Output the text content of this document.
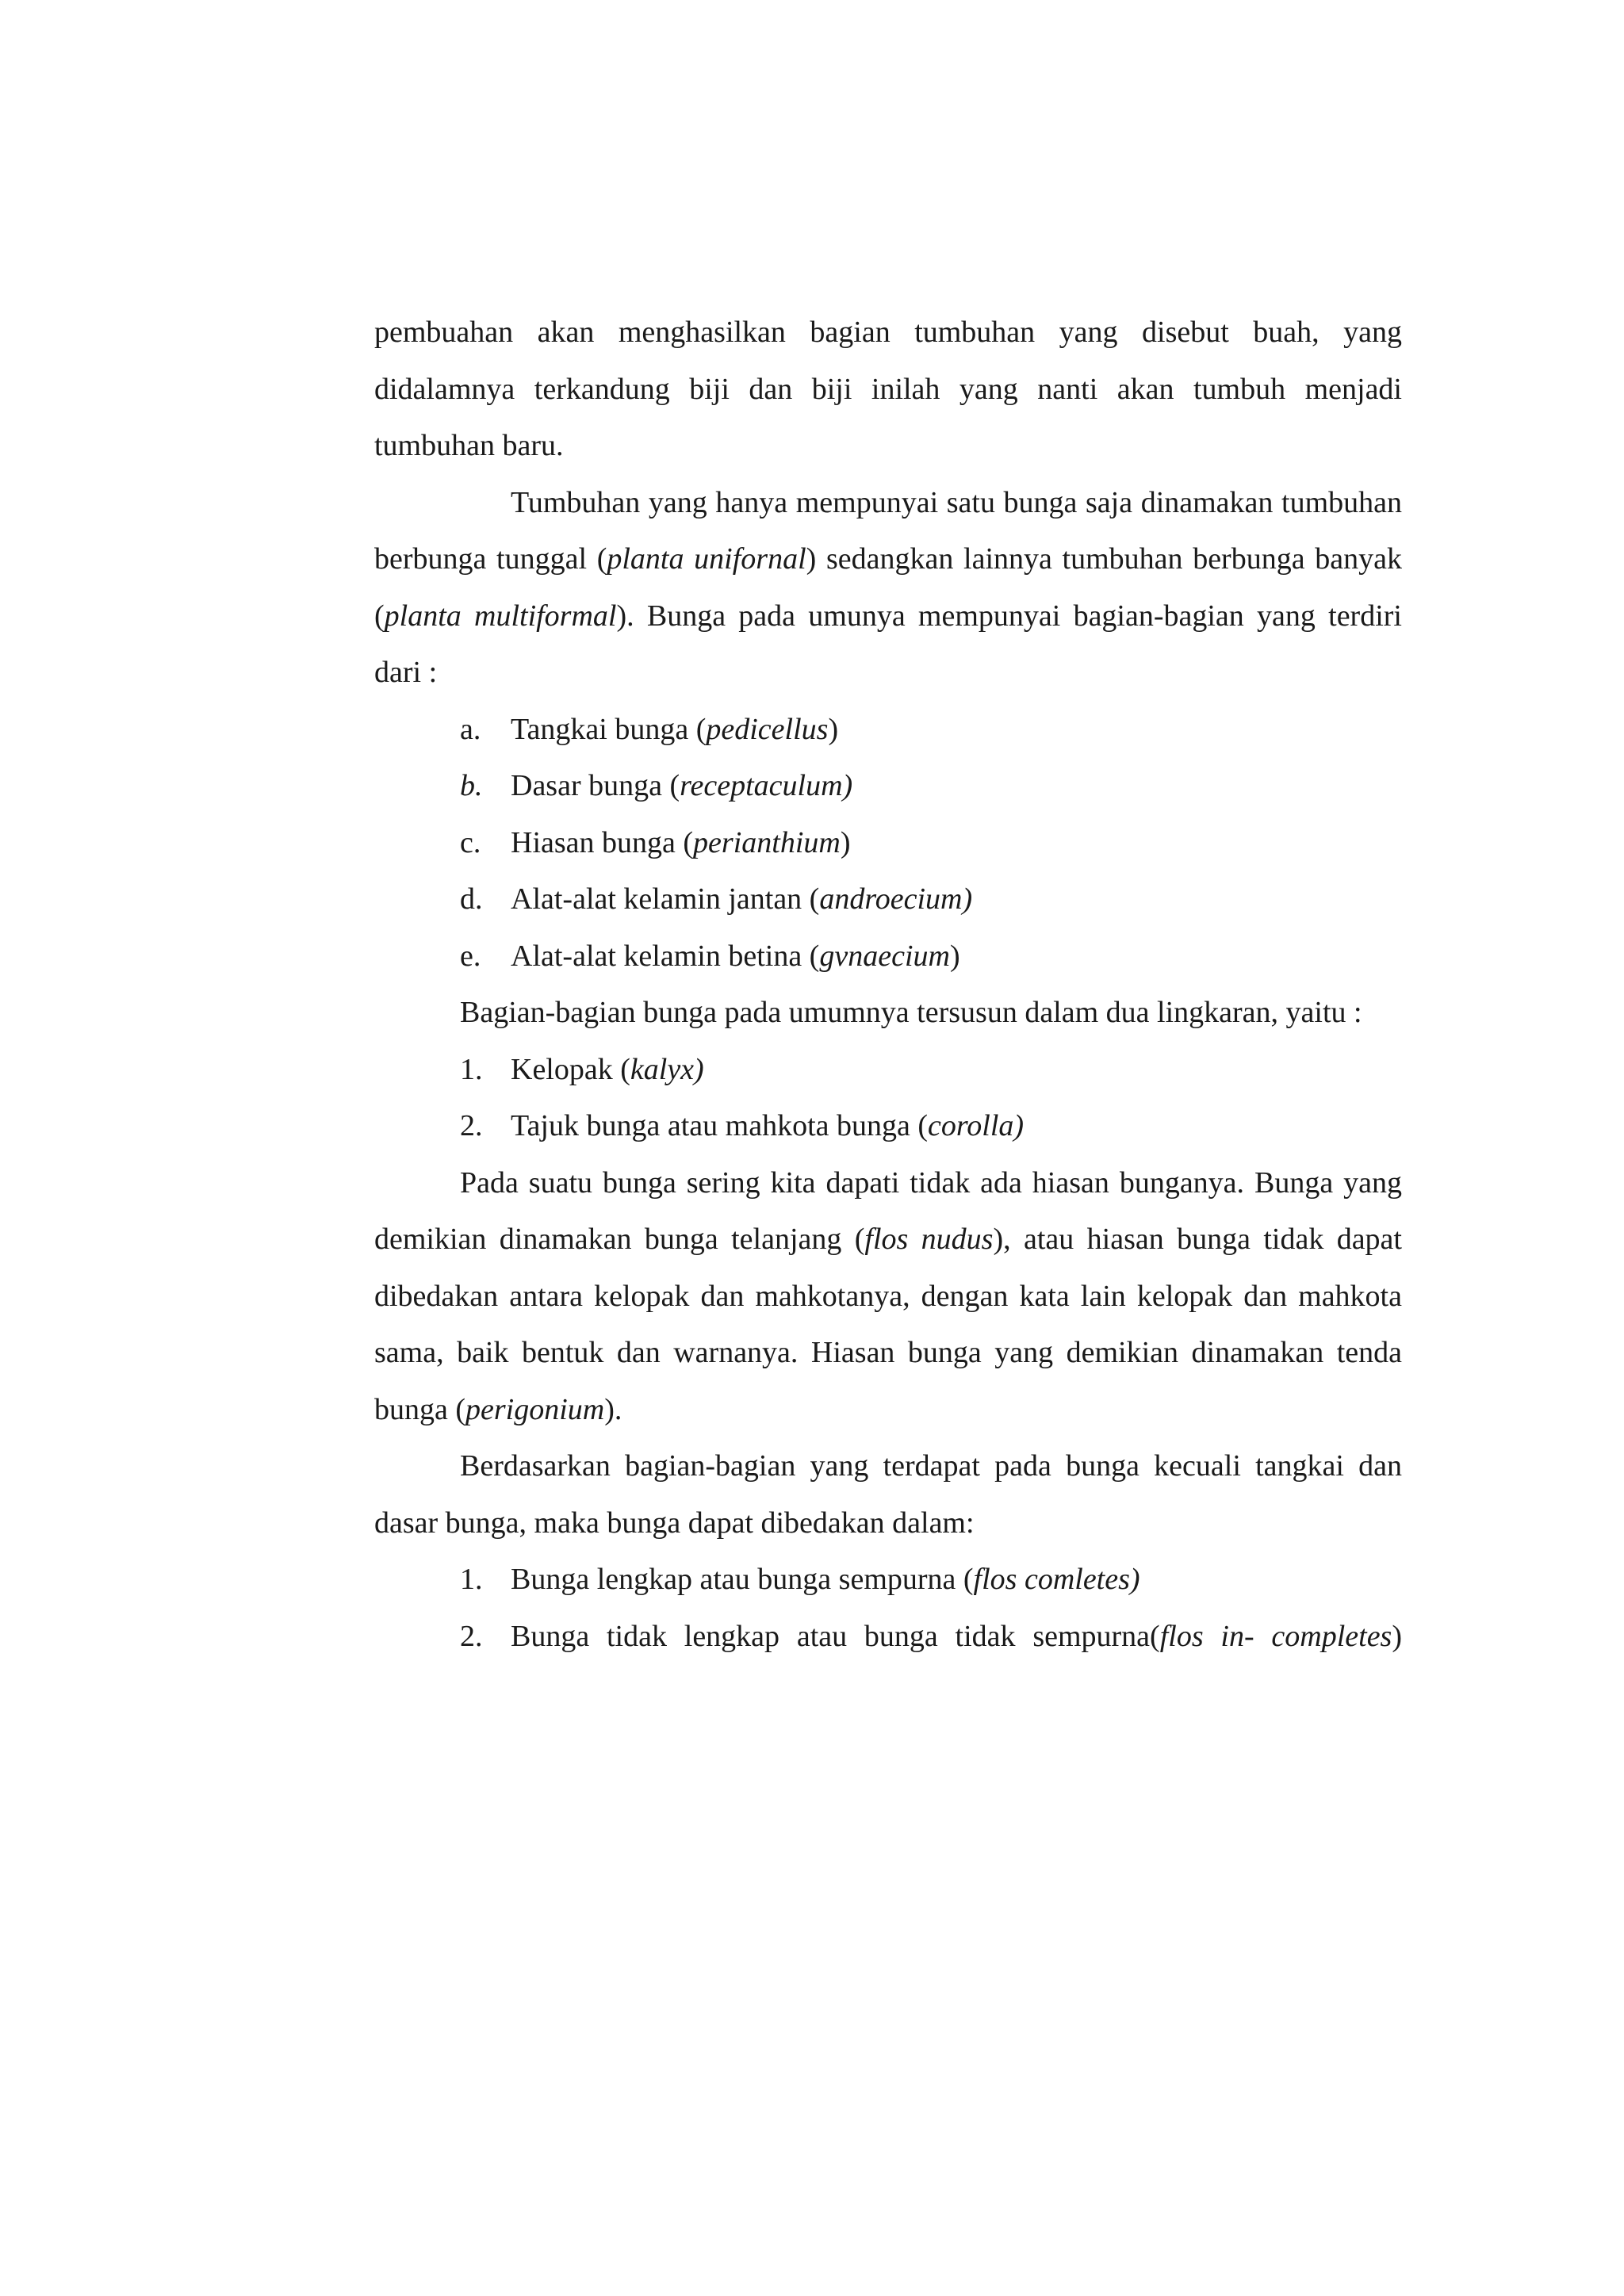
pembuahan akan menghasilkan bagian tumbuhan yang disebut buah, yang didalamnya terkandung biji dan biji inilah yang nanti akan tumbuh menjadi tumbuhan baru.

Tumbuhan yang hanya mempunyai satu bunga saja dinamakan tumbuhan berbunga tunggal (planta unifornal) sedangkan lainnya tumbuhan berbunga banyak (planta multiformal). Bunga pada umunya mempunyai bagian-bagian yang terdiri dari :

a. Tangkai bunga (pedicellus)
b. Dasar bunga (receptaculum)
c. Hiasan bunga (perianthium)
d. Alat-alat kelamin jantan (androecium)
e. Alat-alat kelamin betina (gvnaecium)

Bagian-bagian bunga pada umumnya tersusun dalam dua lingkaran, yaitu :

1. Kelopak (kalyx)
2. Tajuk bunga atau mahkota bunga (corolla)

Pada suatu bunga sering kita dapati tidak ada hiasan bunganya. Bunga yang demikian dinamakan bunga telanjang (flos nudus), atau hiasan bunga tidak dapat dibedakan antara kelopak dan mahkotanya, dengan kata lain kelopak dan mahkota sama, baik bentuk dan warnanya. Hiasan bunga yang demikian dinamakan tenda bunga (perigonium).

Berdasarkan bagian-bagian yang terdapat pada bunga kecuali tangkai dan dasar bunga, maka bunga dapat dibedakan dalam:

1. Bunga lengkap atau bunga sempurna (flos comletes)
2. Bunga tidak lengkap atau bunga tidak sempurna(flos in- completes)
